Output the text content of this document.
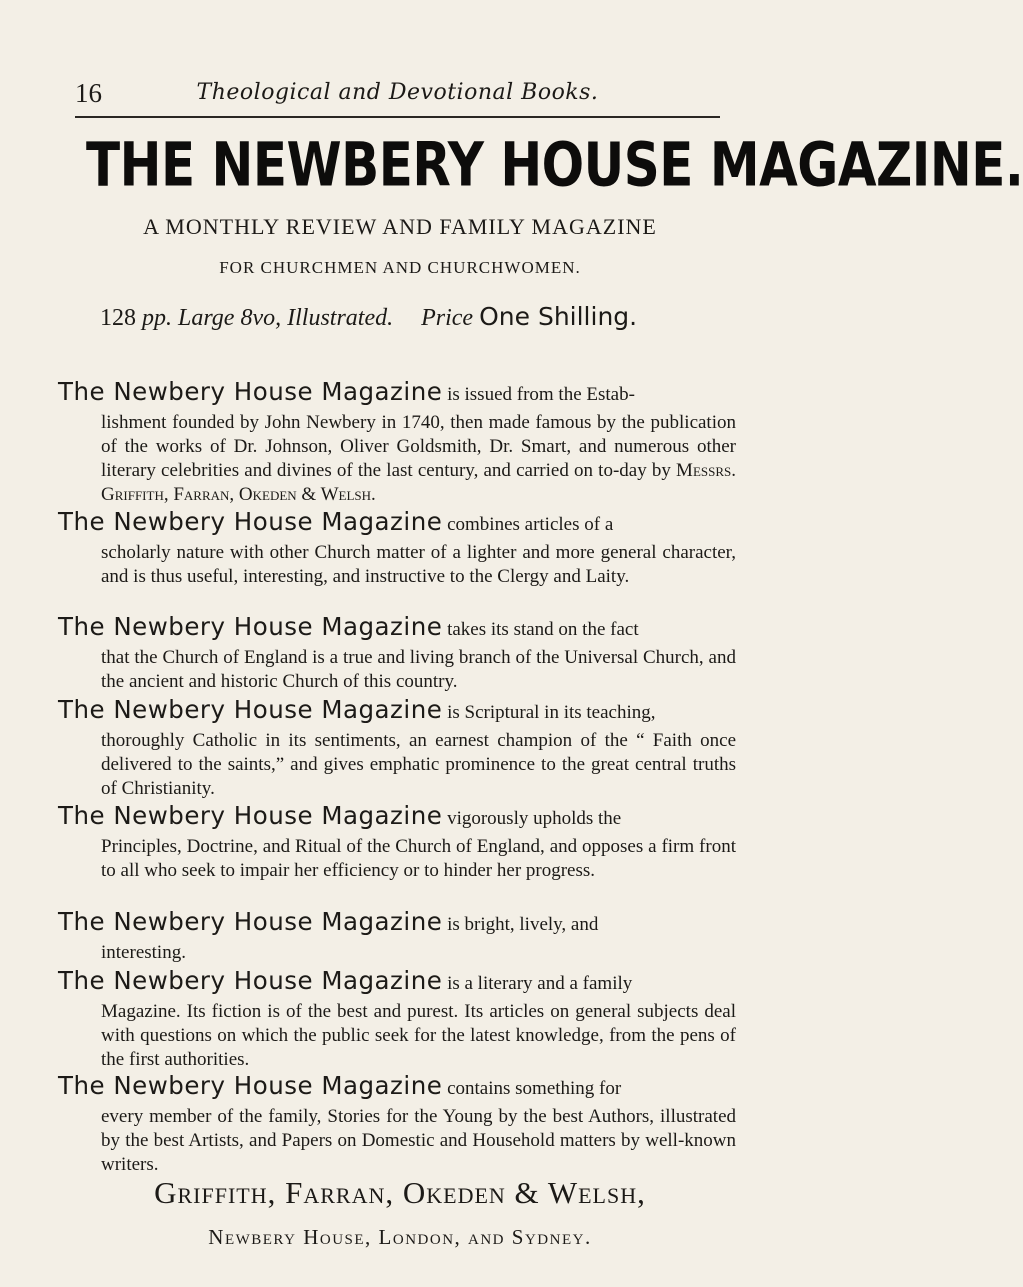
16	Theological and Devotional Books.
THE NEWBERY HOUSE MAGAZINE.
A MONTHLY REVIEW AND FAMILY MAGAZINE
FOR CHURCHMEN AND CHURCHWOMEN.
128 pp. Large 8vo, Illustrated. Price One Shilling.
The Newbery House Magazine is issued from the Estab-
lishment founded by John Newbery in 1740, then made famous by the publication of the works of Dr. Johnson, Oliver Goldsmith, Dr. Smart, and numerous other literary celebrities and divines of the last century, and carried on to-day by Messrs. Griffith, Farran, Okeden & Welsh.
The Newbery House Magazine combines articles of a
scholarly nature with other Church matter of a lighter and more general character, and is thus useful, interesting, and instructive to the Clergy and Laity.
The Newbery House Magazine takes its stand on the fact
that the Church of England is a true and living branch of the Universal Church, and the ancient and historic Church of this country.
The Newbery House Magazine is Scriptural in its teaching,
thoroughly Catholic in its sentiments, an earnest champion of the “ Faith once delivered to the saints,” and gives emphatic prominence to the great central truths of Christianity.
The Newbery House Magazine vigorously upholds the
Principles, Doctrine, and Ritual of the Church of England, and opposes a firm front to all who seek to impair her efficiency or to hinder her progress.
The Newbery House Magazine is bright, lively, and
interesting.
The Newbery House Magazine is a literary and a family
Magazine. Its fiction is of the best and purest. Its articles on general subjects deal with questions on which the public seek for the latest knowledge, from the pens of the first authorities.
The Newbery House Magazine contains something for
every member of the family, Stories for the Young by the best Authors, illustrated by the best Artists, and Papers on Domestic and Household matters by well-known writers.
Griffith, Farran, Okeden & Welsh,
Newbery House, London, and Sydney.
